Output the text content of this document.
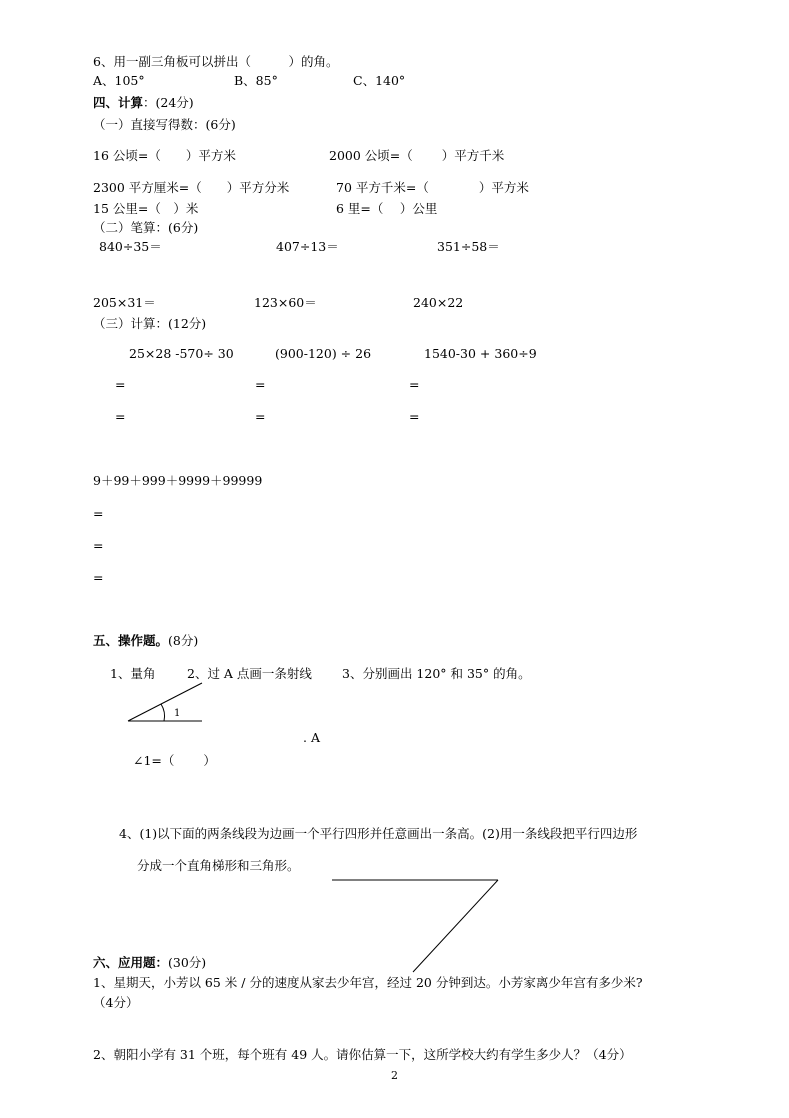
6、用一副三角板可以拼出（　　　）的角。
A、105°	B、85°	C、140°
四、计算：(24分)
（一）直接写得数：(6分)
16 公顷=（　　）平方米	2000 公顷=（　　 ）平方千米
2300 平方厘米=（　　）平方分米	70 平方千米=（　　　　）平方米
15 公里=（　）米	6 里=（　 ）公里
（二）笔算：(6分)
840÷35＝	407÷13＝	351÷58＝
205×31＝	123×60＝	240×22
（三）计算：(12分)
25×28 -570÷ 30	(900-120) ÷ 26	1540-30 + 360÷9
=	=	=
=	=	=
9＋99＋999＋9999＋99999
=
=
=
五、操作题。(8分)
1、量角	2、过 A 点画一条射线 3、分别画出 120° 和 35° 的角。
1
. A
∠1=（　　 ）
4、(1)以下面的两条线段为边画一个平行四形并任意画出一条高。(2)用一条线段把平行四边形
分成一个直角梯形和三角形。
六、应用题：(30分)
1、星期天，小芳以 65 米 / 分的速度从家去少年宫，经过 20 分钟到达。小芳家离少年宫有多少米?
（4分）
2、朝阳小学有 31 个班，每个班有 49 人。请你估算一下，这所学校大约有学生多少人？（4分）
2
